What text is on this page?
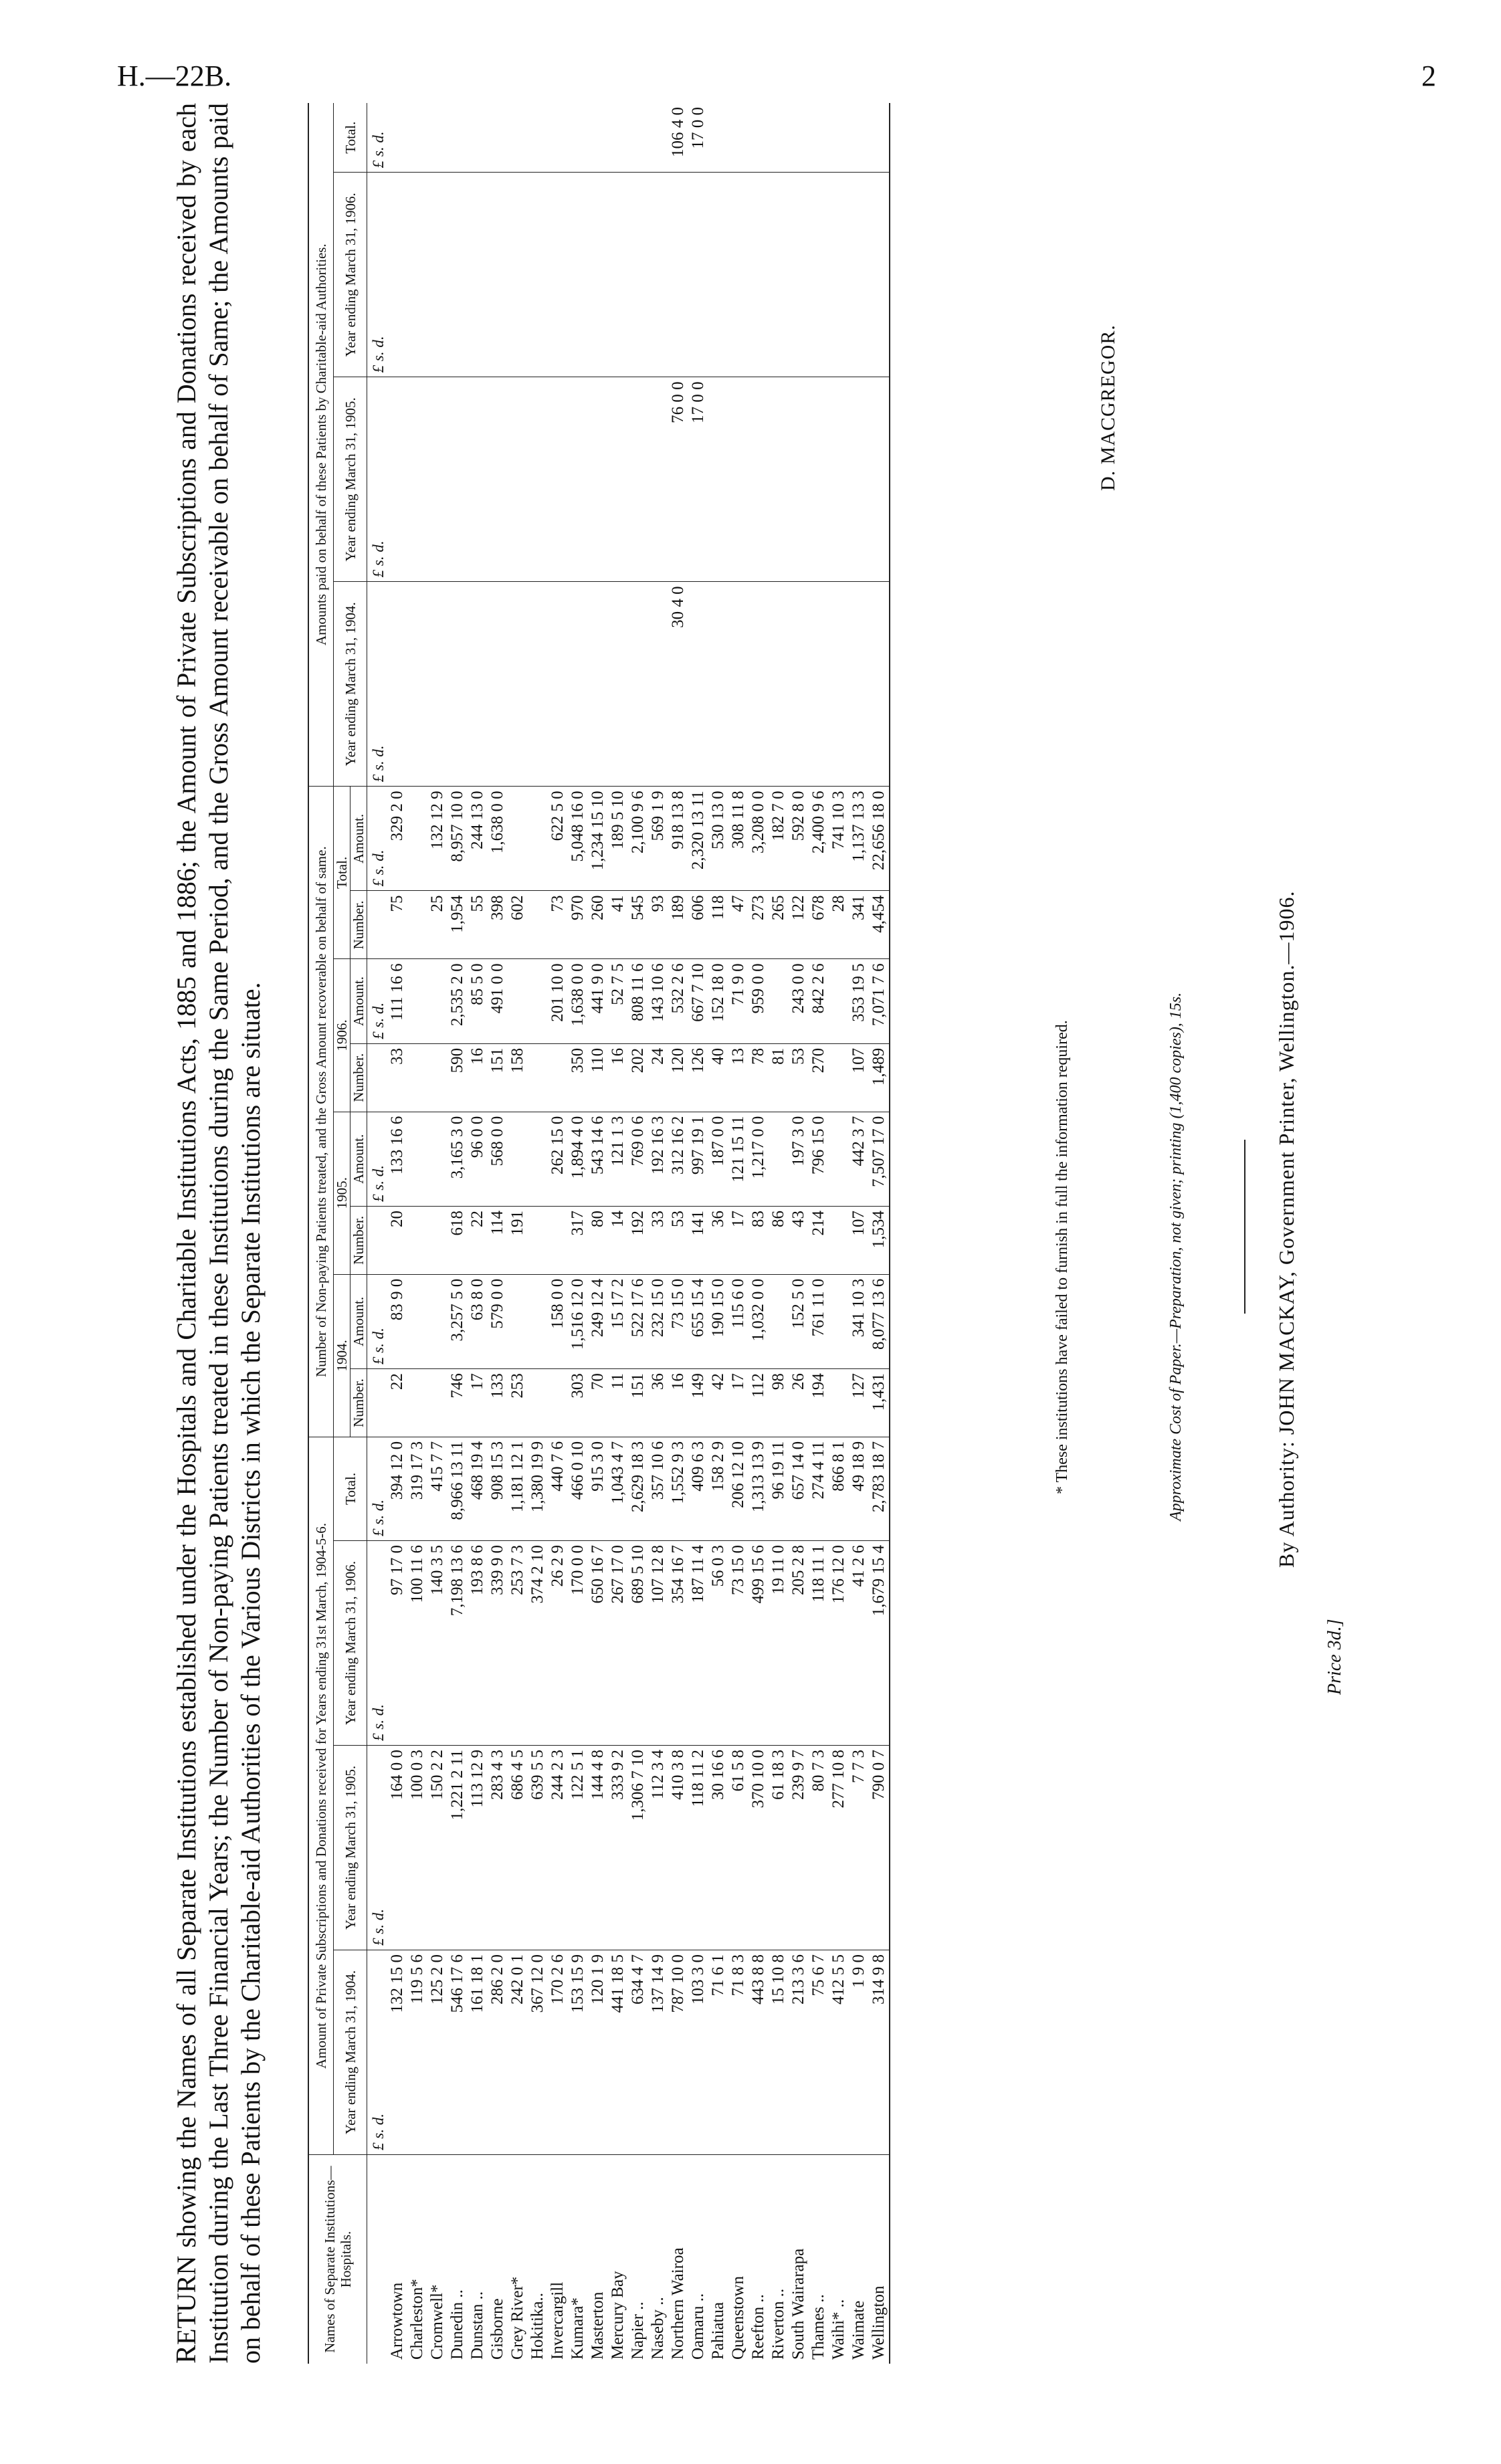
RETURN showing the Names of all Separate Institutions established under the Hospitals and Charitable Institutions Acts, 1885 and 1886; the Amount of Private Subscriptions and Donations received by each Institution during the Last Three Financial Years; the Number of Non-paying Patients treated in these Institutions during the Same Period, and the Gross Amount receivable on behalf of Same; the Amounts paid on behalf of these Patients by the Charitable-aid Authorities of the Various Districts in which the Separate Institutions are situate.	Names of Separate Institutions—Hospitals.	Amount of Private Subscriptions and Donations received for Years ending 31st March, 1904-5-6.				Number of Non-paying Patients treated, and the Gross Amount recoverable on behalf of same.								Amounts paid on behalf of these Patients by Charitable-aid Authorities.			
	Year ending March 31, 1904.	Year ending March 31, 1905.	Year ending March 31, 1906.	Total.	1904.		1905.		1906.		Total.		Year ending March 31, 1904.	Year ending March 31, 1905.	Year ending March 31, 1906.	Total.
					Number.	Amount.	Number.	Amount.	Number.	Amount.	Number.	Amount.				
	£ s. d.	£ s. d.	£ s. d.	£ s. d.		£ s. d.		£ s. d.		£ s. d.		£ s. d.	£ s. d.	£ s. d.	£ s. d.	£ s. d.
Arrowtown	132 15 0	164 0 0	97 17 0	394 12 0	22	83 9 0	20	133 16 6	33	111 16 6	75	329 2 0				
Charleston*	119 5 6	100 0 3	100 11 6	319 17 3												
Cromwell*	125 2 0	150 2 2	140 3 5	415 7 7							25	132 12 9				
Dunedin ..	546 17 6	1,221 2 11	7,198 13 6	8,966 13 11	746	3,257 5 0	618	3,165 3 0	590	2,535 2 0	1,954	8,957 10 0				
Dunstan ..	161 18 1	113 12 9	193 8 6	468 19 4	17	63 8 0	22	96 0 0	16	85 5 0	55	244 13 0				
Gisborne	286 2 0	283 4 3	339 9 0	908 15 3	133	579 0 0	114	568 0 0	151	491 0 0	398	1,638 0 0				
Grey River*	242 0 1	686 4 5	253 7 3	1,181 12 1	253		191		158		602					
Hokitika..	367 12 0	639 5 5	374 2 10	1,380 19 9												
Invercargill	170 2 6	244 2 3	26 2 9	440 7 6		158 0 0		262 15 0		201 10 0	73	622 5 0				
Kumara*	153 15 9	122 5 1	170 0 0	466 0 10	303	1,516 12 0	317	1,894 4 0	350	1,638 0 0	970	5,048 16 0				
Masterton	120 1 9	144 4 8	650 16 7	915 3 0	70	249 12 4	80	543 14 6	110	441 9 0	260	1,234 15 10				
Mercury Bay	441 18 5	333 9 2	267 17 0	1,043 4 7	11	15 17 2	14	121 1 3	16	52 7 5	41	189 5 10				
Napier ..	634 4 7	1,306 7 10	689 5 10	2,629 18 3	151	522 17 6	192	769 0 6	202	808 11 6	545	2,100 9 6				
Naseby ..	137 14 9	112 3 4	107 12 8	357 10 6	36	232 15 0	33	192 16 3	24	143 10 6	93	569 1 9				
Northern Wairoa	787 10 0	410 3 8	354 16 7	1,552 9 3	16	73 15 0	53	312 16 2	120	532 2 6	189	918 13 8	30 4 0	76 0 0		106 4 0
Oamaru ..	103 3 0	118 11 2	187 11 4	409 6 3	149	655 15 4	141	997 19 1	126	667 7 10	606	2,320 13 11		17 0 0		17 0 0
Pahiatua	71 6 1	30 16 6	56 0 3	158 2 9	42	190 15 0	36	187 0 0	40	152 18 0	118	530 13 0				
Queenstown	71 8 3	61 5 8	73 15 0	206 12 10	17	115 6 0	17	121 15 11	13	71 9 0	47	308 11 8				
Reefton ..	443 8 8	370 10 0	499 15 6	1,313 13 9	112	1,032 0 0	83	1,217 0 0	78	959 0 0	273	3,208 0 0				
Riverton ..	15 10 8	61 18 3	19 11 0	96 19 11	98		86		81		265	182 7 0				
South Wairarapa	213 3 6	239 9 7	205 2 8	657 14 0	26	152 5 0	43	197 3 0	53	243 0 0	122	592 8 0				
Thames ..	75 6 7	80 7 3	118 11 1	274 4 11	194	761 11 0	214	796 15 0	270	842 2 6	678	2,400 9 6				
Waihi* ..	412 5 5	277 10 8	176 12 0	866 8 1							28	741 10 3				
Waimate	1 9 0	7 7 3	41 2 6	49 18 9	127	341 10 3	107	442 3 7	107	353 19 5	341	1,137 13 3				
Wellington	314 9 8	790 0 7	1,679 15 4	2,783 18 7	1,431	8,077 13 6	1,534	7,507 17 0	1,489	7,071 7 6	4,454	22,656 18 0				
* These institutions have failed to furnish in full the information required.
D. MACGREGOR.
Approximate Cost of Paper.—Preparation, not given; printing (1,400 copies), 15s.	By Authority: JOHN MACKAY, Government Printer, Wellington.—1906.
Price 3d.]
H.—22B.	2
